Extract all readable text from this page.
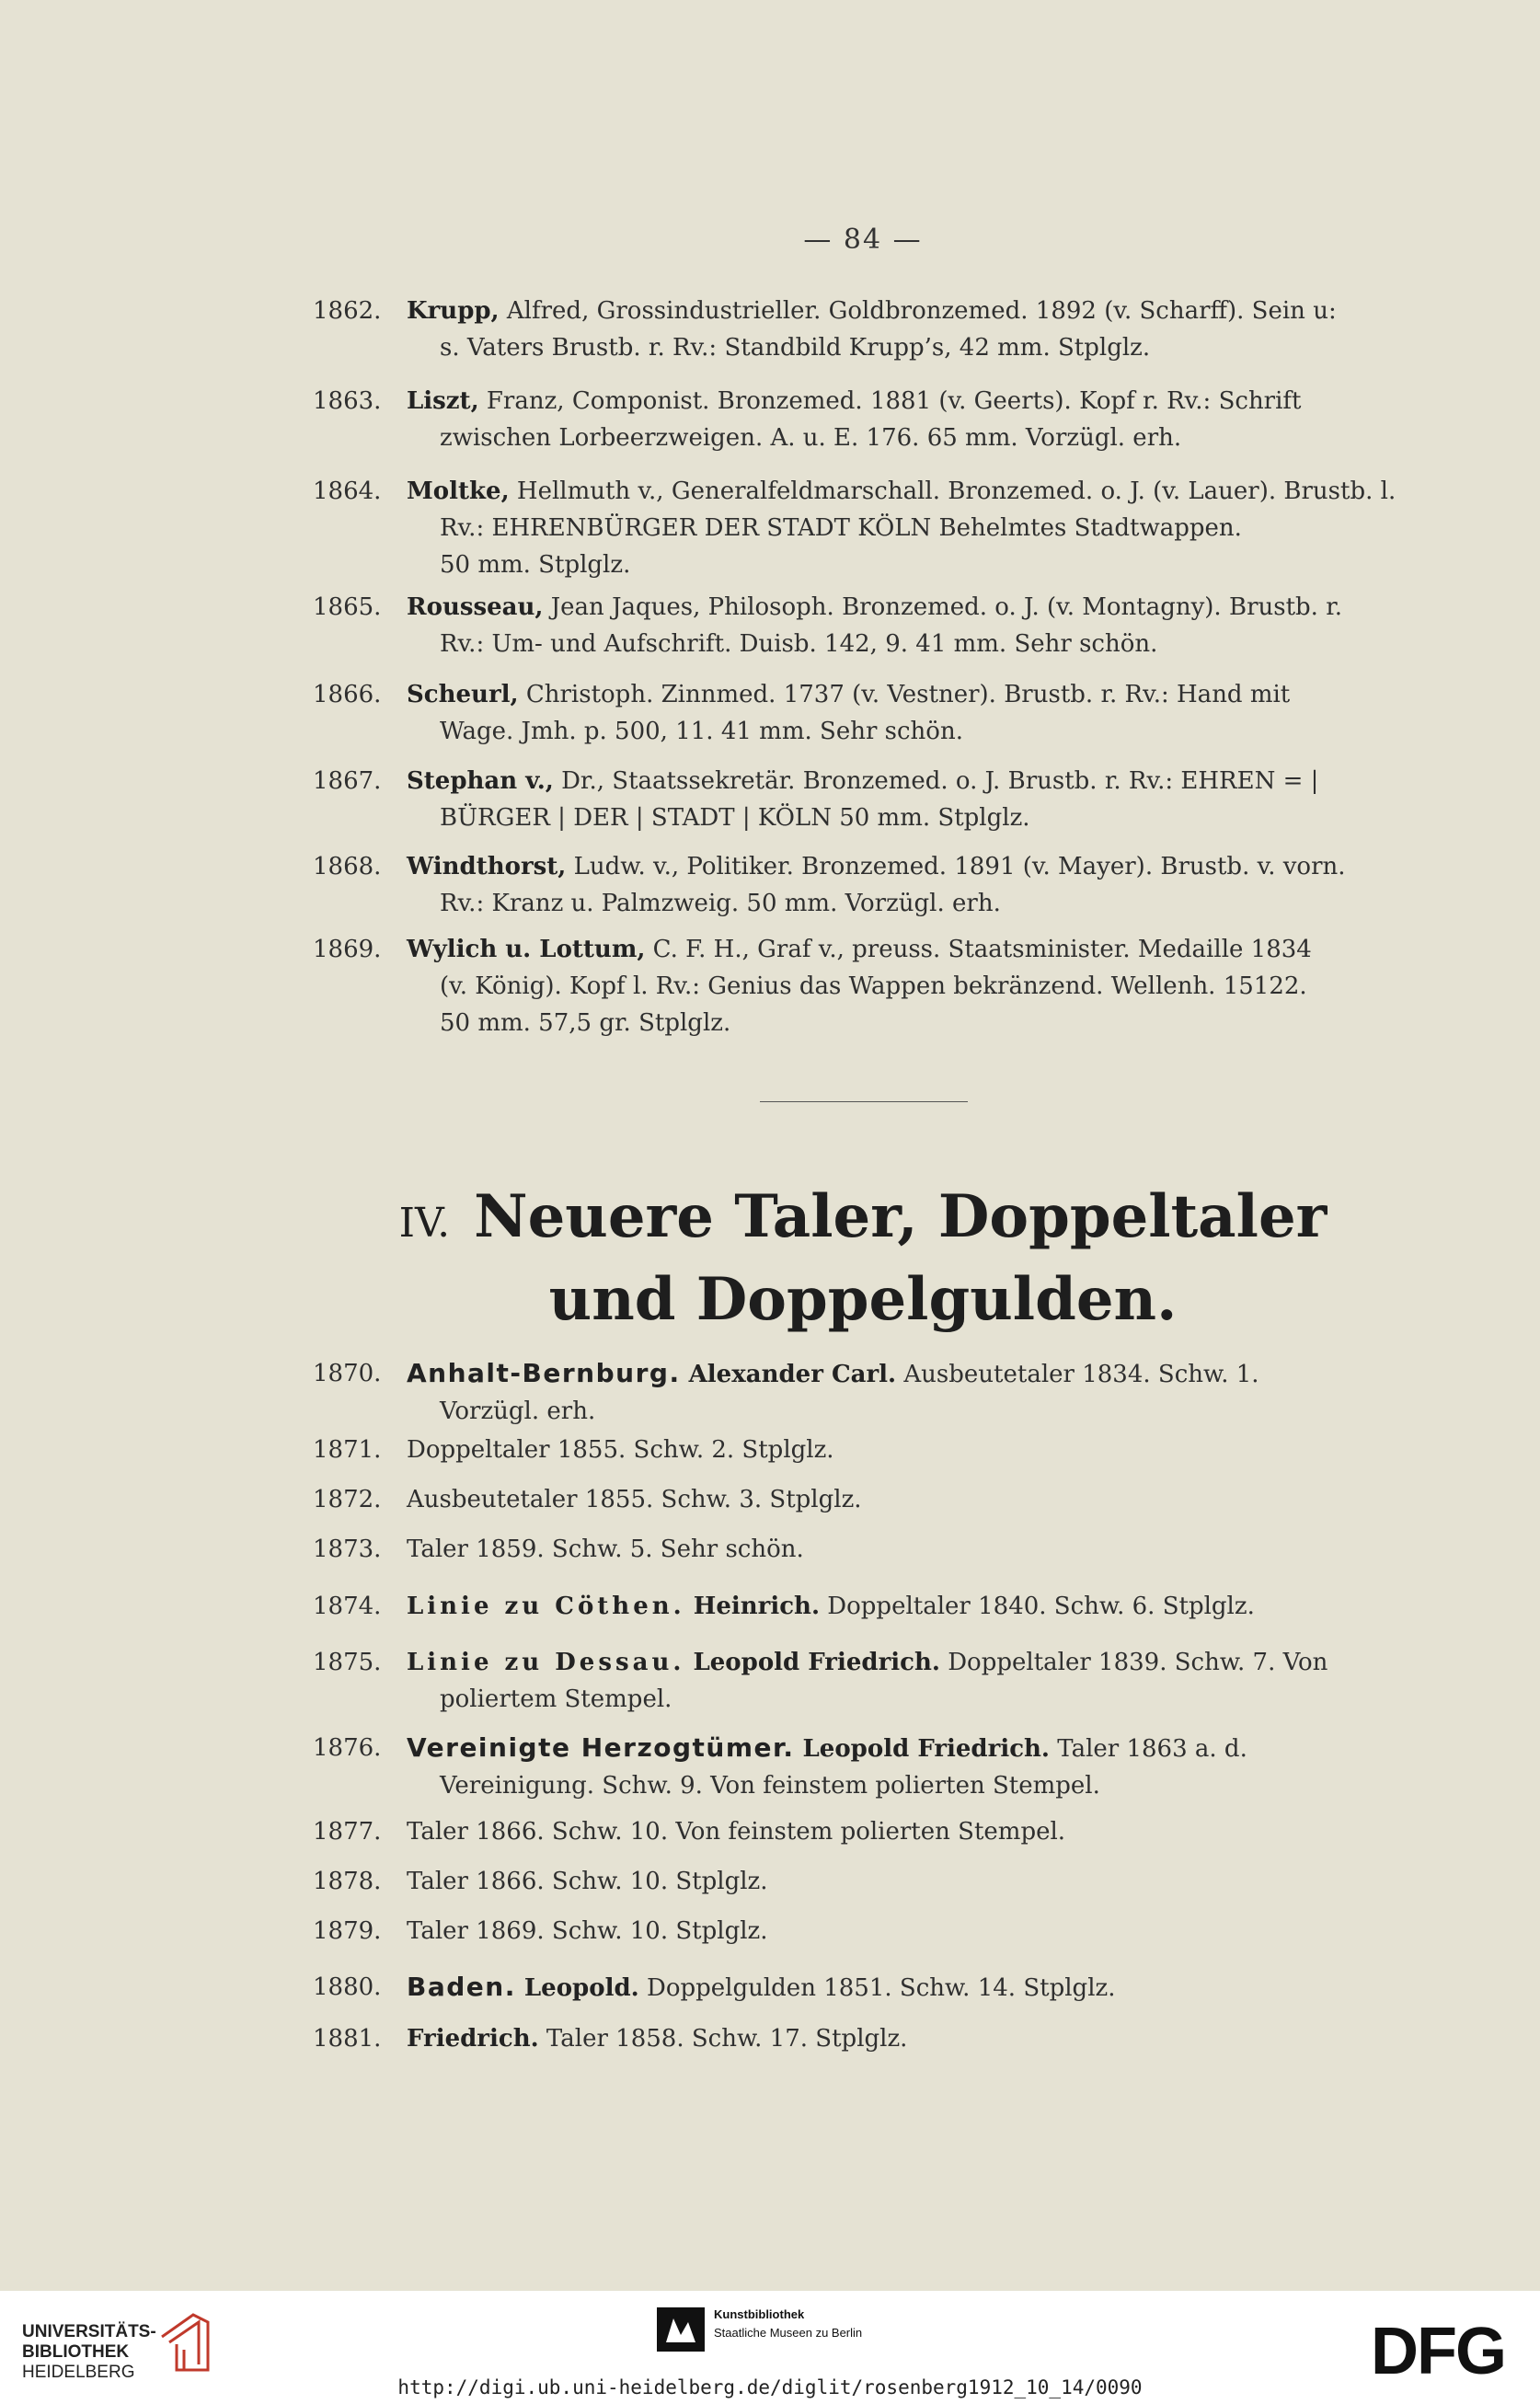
— 84 —
1862. Krupp, Alfred, Grossindustrieller. Goldbronzemed. 1892 (v. Scharff). Sein u:
s. Vaters Brustb. r. Rv.: Standbild Krupp’s, 42 mm. Stplglz.
1863. Liszt, Franz, Componist. Bronzemed. 1881 (v. Geerts). Kopf r. Rv.: Schrift
zwischen Lorbeerzweigen. A. u. E. 176. 65 mm. Vorzügl. erh.
1864. Moltke, Hellmuth v., Generalfeldmarschall. Bronzemed. o. J. (v. Lauer). Brustb. l.
Rv.: EHRENBÜRGER DER STADT KÖLN Behelmtes Stadtwappen.
50 mm. Stplglz.
1865. Rousseau, Jean Jaques, Philosoph. Bronzemed. o. J. (v. Montagny). Brustb. r.
Rv.: Um- und Aufschrift. Duisb. 142, 9. 41 mm. Sehr schön.
1866. Scheurl, Christoph. Zinnmed. 1737 (v. Vestner). Brustb. r. Rv.: Hand mit
Wage. Jmh. p. 500, 11. 41 mm. Sehr schön.
1867. Stephan v., Dr., Staatssekretär. Bronzemed. o. J. Brustb. r. Rv.: EHREN = |
BÜRGER | DER | STADT | KÖLN 50 mm. Stplglz.
1868. Windthorst, Ludw. v., Politiker. Bronzemed. 1891 (v. Mayer). Brustb. v. vorn.
Rv.: Kranz u. Palmzweig. 50 mm. Vorzügl. erh.
1869. Wylich u. Lottum, C. F. H., Graf v., preuss. Staatsminister. Medaille 1834
(v. König). Kopf l. Rv.: Genius das Wappen bekränzend. Wellenh. 15122.
50 mm. 57,5 gr. Stplglz.
IV. Neuere Taler, Doppeltaler
und Doppelgulden.
1870. Anhalt-Bernburg. Alexander Carl. Ausbeutetaler 1834. Schw. 1.
Vorzügl. erh.
1871. Doppeltaler 1855. Schw. 2. Stplglz.
1872. Ausbeutetaler 1855. Schw. 3. Stplglz.
1873. Taler 1859. Schw. 5. Sehr schön.
1874. Linie zu Cöthen. Heinrich. Doppeltaler 1840. Schw. 6. Stplglz.
1875. Linie zu Dessau. Leopold Friedrich. Doppeltaler 1839. Schw. 7. Von
poliertem Stempel.
1876. Vereinigte Herzogtümer. Leopold Friedrich. Taler 1863 a. d.
Vereinigung. Schw. 9. Von feinstem polierten Stempel.
1877. Taler 1866. Schw. 10. Von feinstem polierten Stempel.
1878. Taler 1866. Schw. 10. Stplglz.
1879. Taler 1869. Schw. 10. Stplglz.
1880. Baden. Leopold. Doppelgulden 1851. Schw. 14. Stplglz.
1881. Friedrich. Taler 1858. Schw. 17. Stplglz.
UNIVERSITÄTS-
BIBLIOTHEK
HEIDELBERG
Kunstbibliothek
Staatliche Museen zu Berlin	DFG
http://digi.ub.uni-heidelberg.de/diglit/rosenberg1912_10_14/0090
